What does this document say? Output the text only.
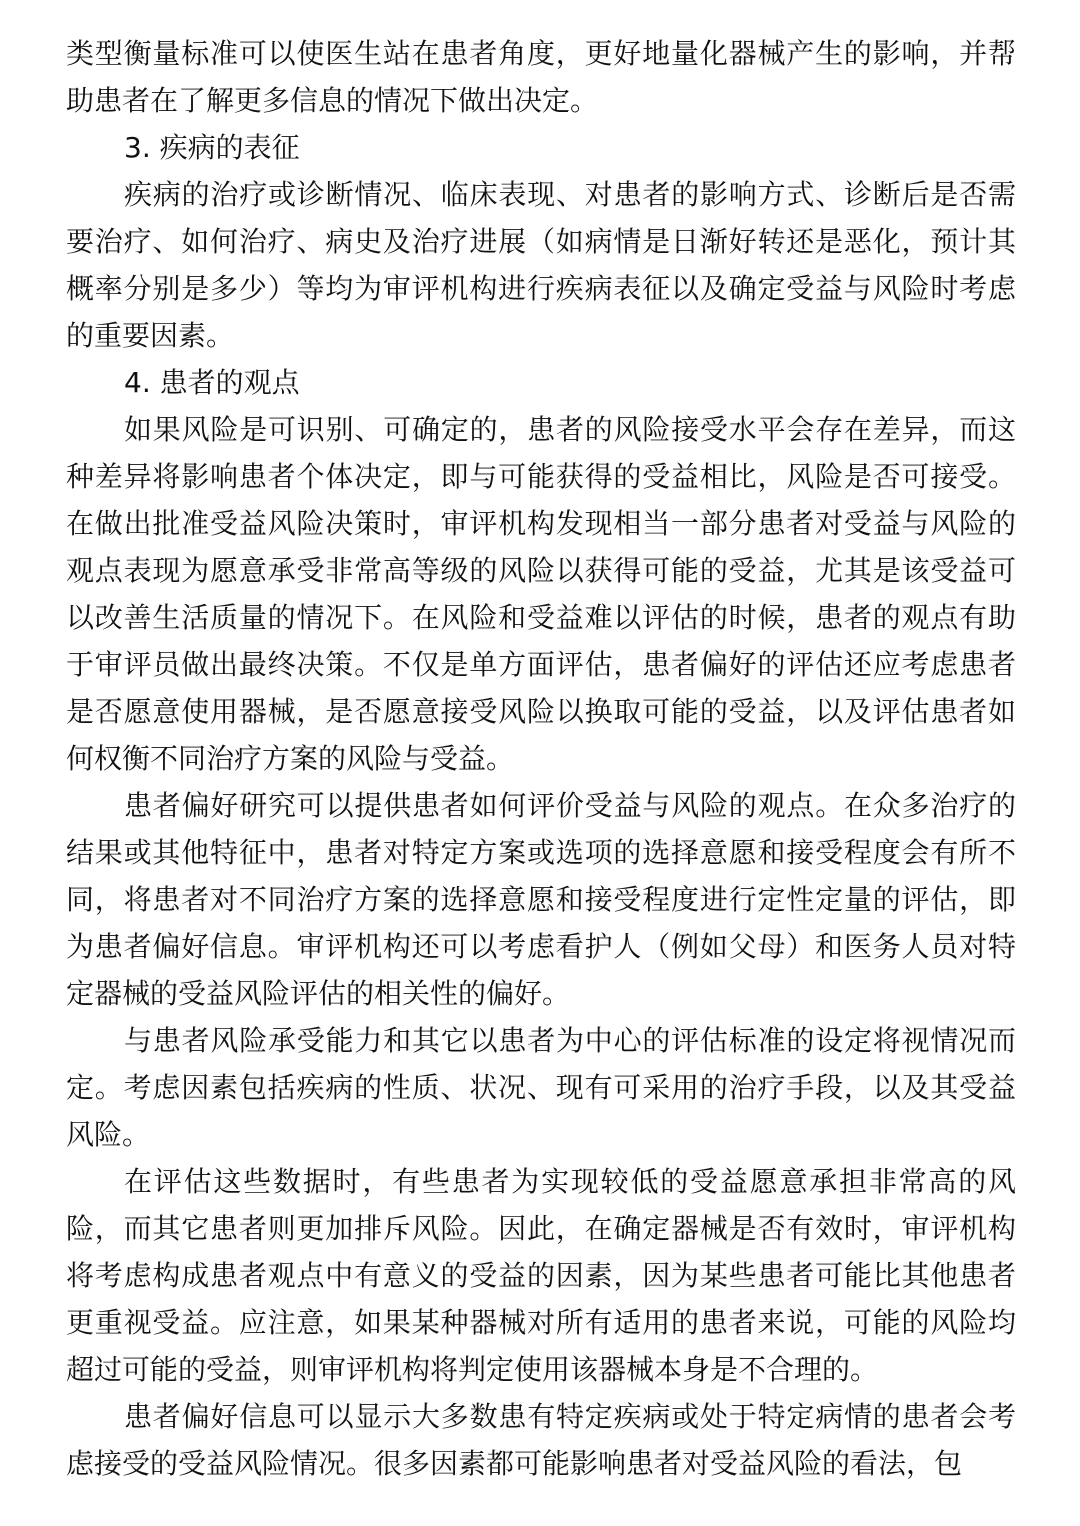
类型衡量标准可以使医生站在患者角度，更好地量化器械产生的影响，并帮助患者在了解更多信息的情况下做出决定。

3. 疾病的表征

疾病的治疗或诊断情况、临床表现、对患者的影响方式、诊断后是否需要治疗、如何治疗、病史及治疗进展（如病情是日渐好转还是恶化，预计其概率分别是多少）等均为审评机构进行疾病表征以及确定受益与风险时考虑的重要因素。

4. 患者的观点

如果风险是可识别、可确定的，患者的风险接受水平会存在差异，而这种差异将影响患者个体决定，即与可能获得的受益相比，风险是否可接受。在做出批准受益风险决策时，审评机构发现相当一部分患者对受益与风险的观点表现为愿意承受非常高等级的风险以获得可能的受益，尤其是该受益可以改善生活质量的情况下。在风险和受益难以评估的时候，患者的观点有助于审评员做出最终决策。不仅是单方面评估，患者偏好的评估还应考虑患者是否愿意使用器械，是否愿意接受风险以换取可能的受益，以及评估患者如何权衡不同治疗方案的风险与受益。

患者偏好研究可以提供患者如何评价受益与风险的观点。在众多治疗的结果或其他特征中，患者对特定方案或选项的选择意愿和接受程度会有所不同，将患者对不同治疗方案的选择意愿和接受程度进行定性定量的评估，即为患者偏好信息。审评机构还可以考虑看护人（例如父母）和医务人员对特定器械的受益风险评估的相关性的偏好。

与患者风险承受能力和其它以患者为中心的评估标准的设定将视情况而定。考虑因素包括疾病的性质、状况、现有可采用的治疗手段，以及其受益风险。

在评估这些数据时，有些患者为实现较低的受益愿意承担非常高的风险，而其它患者则更加排斥风险。因此，在确定器械是否有效时，审评机构将考虑构成患者观点中有意义的受益的因素，因为某些患者可能比其他患者更重视受益。应注意，如果某种器械对所有适用的患者来说，可能的风险均超过可能的受益，则审评机构将判定使用该器械本身是不合理的。

患者偏好信息可以显示大多数患有特定疾病或处于特定病情的患者会考虑接受的受益风险情况。很多因素都可能影响患者对受益风险的看法，包
